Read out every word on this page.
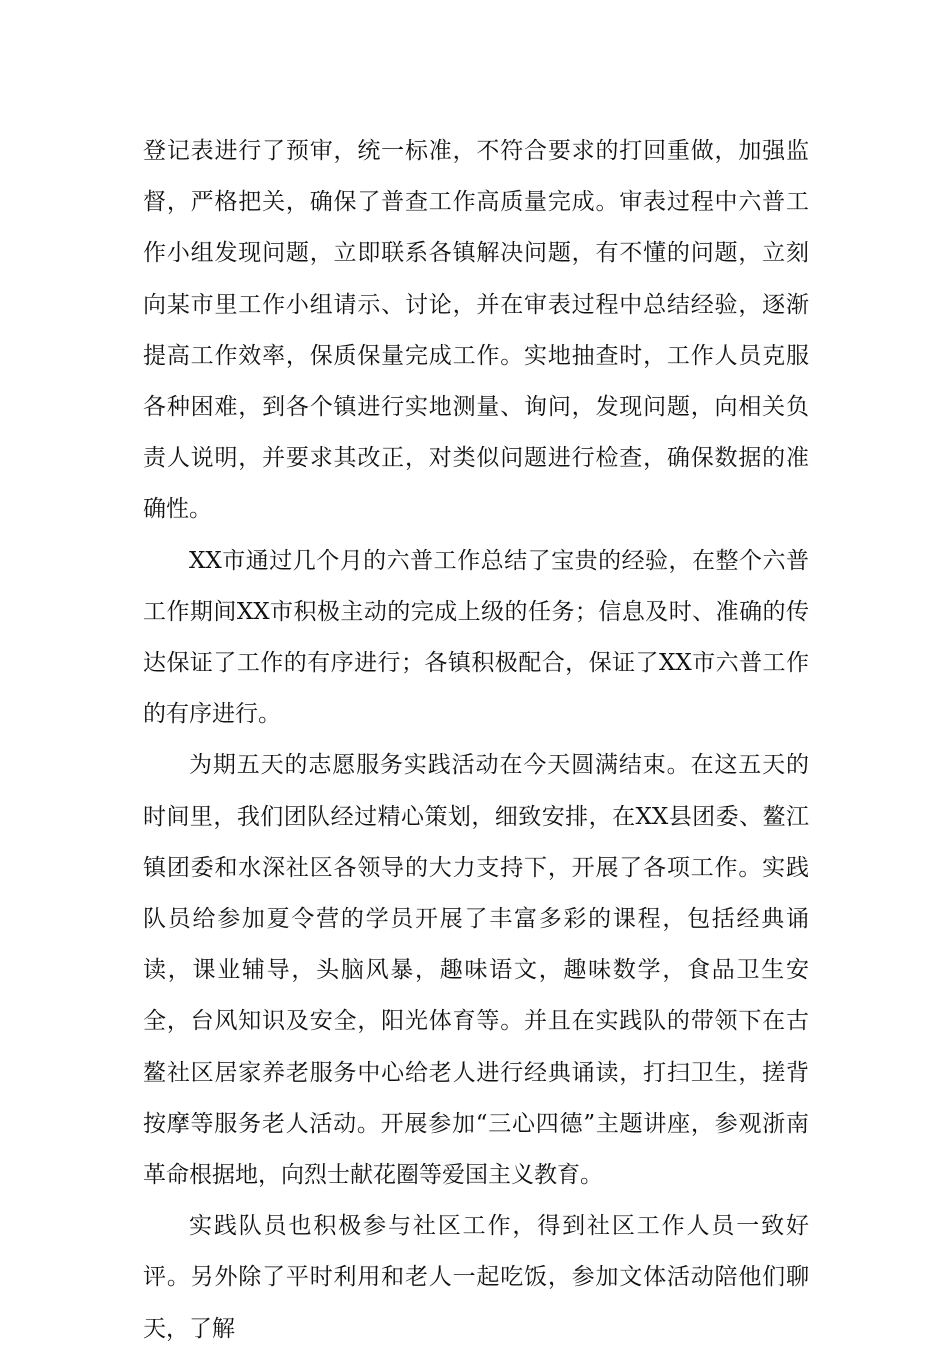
登记表进行了预审，统一标准，不符合要求的打回重做，加强监督，严格把关，确保了普查工作高质量完成。审表过程中六普工作小组发现问题，立即联系各镇解决问题，有不懂的问题，立刻向某市里工作小组请示、讨论，并在审表过程中总结经验，逐渐提高工作效率，保质保量完成工作。实地抽查时，工作人员克服各种困难，到各个镇进行实地测量、询问，发现问题，向相关负责人说明，并要求其改正，对类似问题进行检查，确保数据的准确性。

XX市通过几个月的六普工作总结了宝贵的经验，在整个六普工作期间XX市积极主动的完成上级的任务；信息及时、准确的传达保证了工作的有序进行；各镇积极配合，保证了XX市六普工作的有序进行。

为期五天的志愿服务实践活动在今天圆满结束。在这五天的时间里，我们团队经过精心策划，细致安排，在XX县团委、鳌江镇团委和水深社区各领导的大力支持下，开展了各项工作。实践队员给参加夏令营的学员开展了丰富多彩的课程，包括经典诵读，课业辅导，头脑风暴，趣味语文，趣味数学，食品卫生安全，台风知识及安全，阳光体育等。并且在实践队的带领下在古鳌社区居家养老服务中心给老人进行经典诵读，打扫卫生，搓背按摩等服务老人活动。开展参加“三心四德”主题讲座，参观浙南革命根据地，向烈士献花圈等爱国主义教育。

实践队员也积极参与社区工作，得到社区工作人员一致好评。另外除了平时利用和老人一起吃饭，参加文体活动陪他们聊天，了解
